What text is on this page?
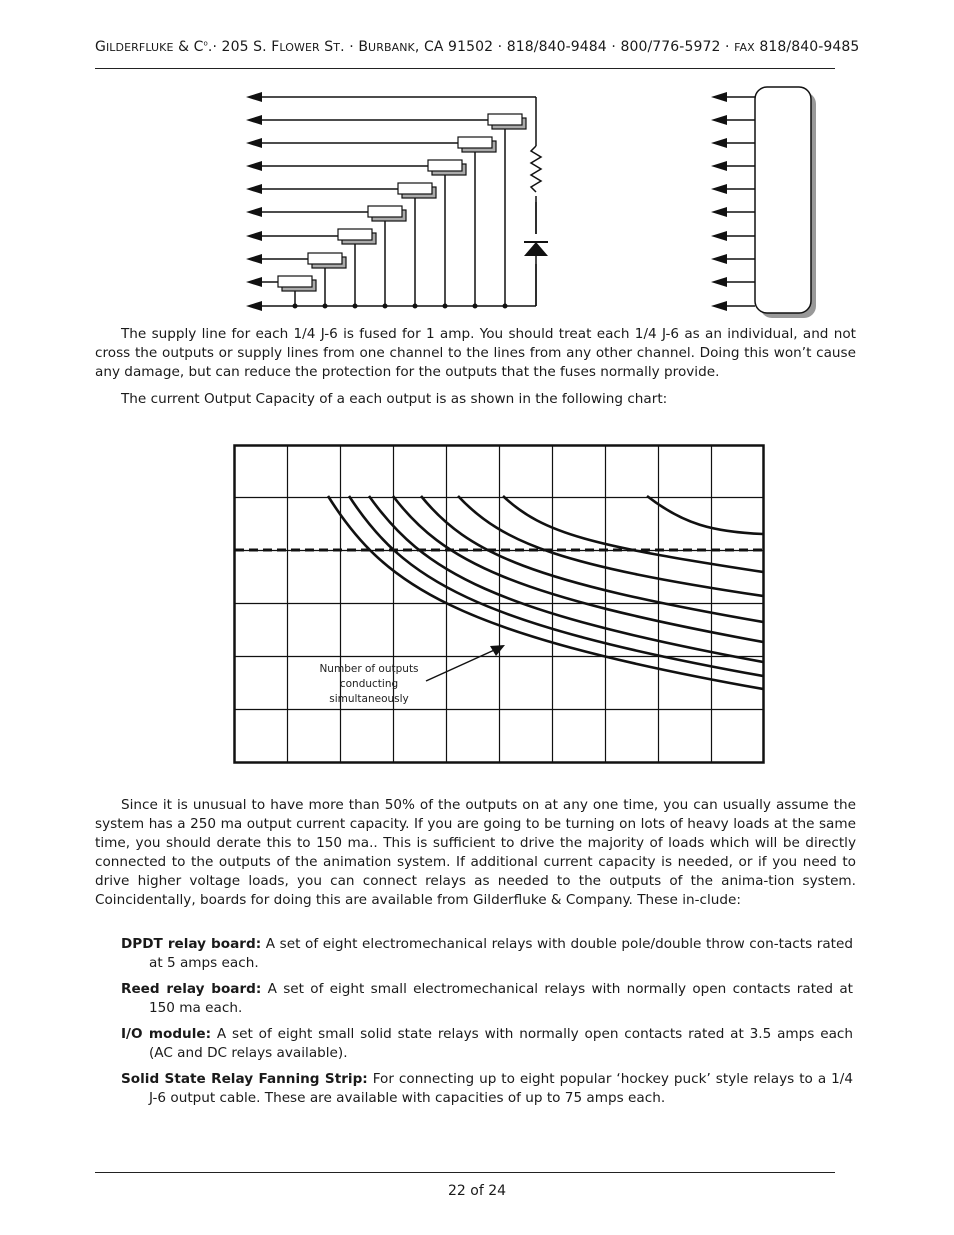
GILDERFLUKE & $C^o.\cdot 205$ S. FLOWER ST. · BURBANK, CA 91502 · 818/840-9484 · 800/776-5972 · FAX 818/840-9485

The supply line for each 1/4 J-6 is fused for 1 amp. You should treat each 1/4 J-6 as an individual, and not cross the outputs or supply lines from one channel to the lines from any other channel. Doing this won’t cause any damage, but can reduce the protection for the outputs that the fuses normally provide.

The current Output Capacity of a each output is as shown in the following chart:

Number of outputs
conducting
simultaneously

Since it is unusual to have more than 50% of the outputs on at any one time, you can usually assume the system has a 250 ma output current capacity. If you are going to be turning on lots of heavy loads at the same time, you should derate this to 150 ma.. This is sufficient to drive the majority of loads which will be directly connected to the outputs of the animation system. If additional current capacity is needed, or if you need to drive higher voltage loads, you can connect relays as needed to the outputs of the anima-tion system. Coincidentally, boards for doing this are available from Gilderfluke & Company. These in-clude:

DPDT relay board: A set of eight electromechanical relays with double pole/double throw con-tacts rated at 5 amps each.

Reed relay board: A set of eight small electromechanical relays with normally open contacts rated at 150 ma each.

I/O module: A set of eight small solid state relays with normally open contacts rated at 3.5 amps each (AC and DC relays available).

Solid State Relay Fanning Strip: For connecting up to eight popular ‘hockey puck’ style relays to a 1/4 J-6 output cable. These are available with capacities of up to 75 amps each.

22 of 24
